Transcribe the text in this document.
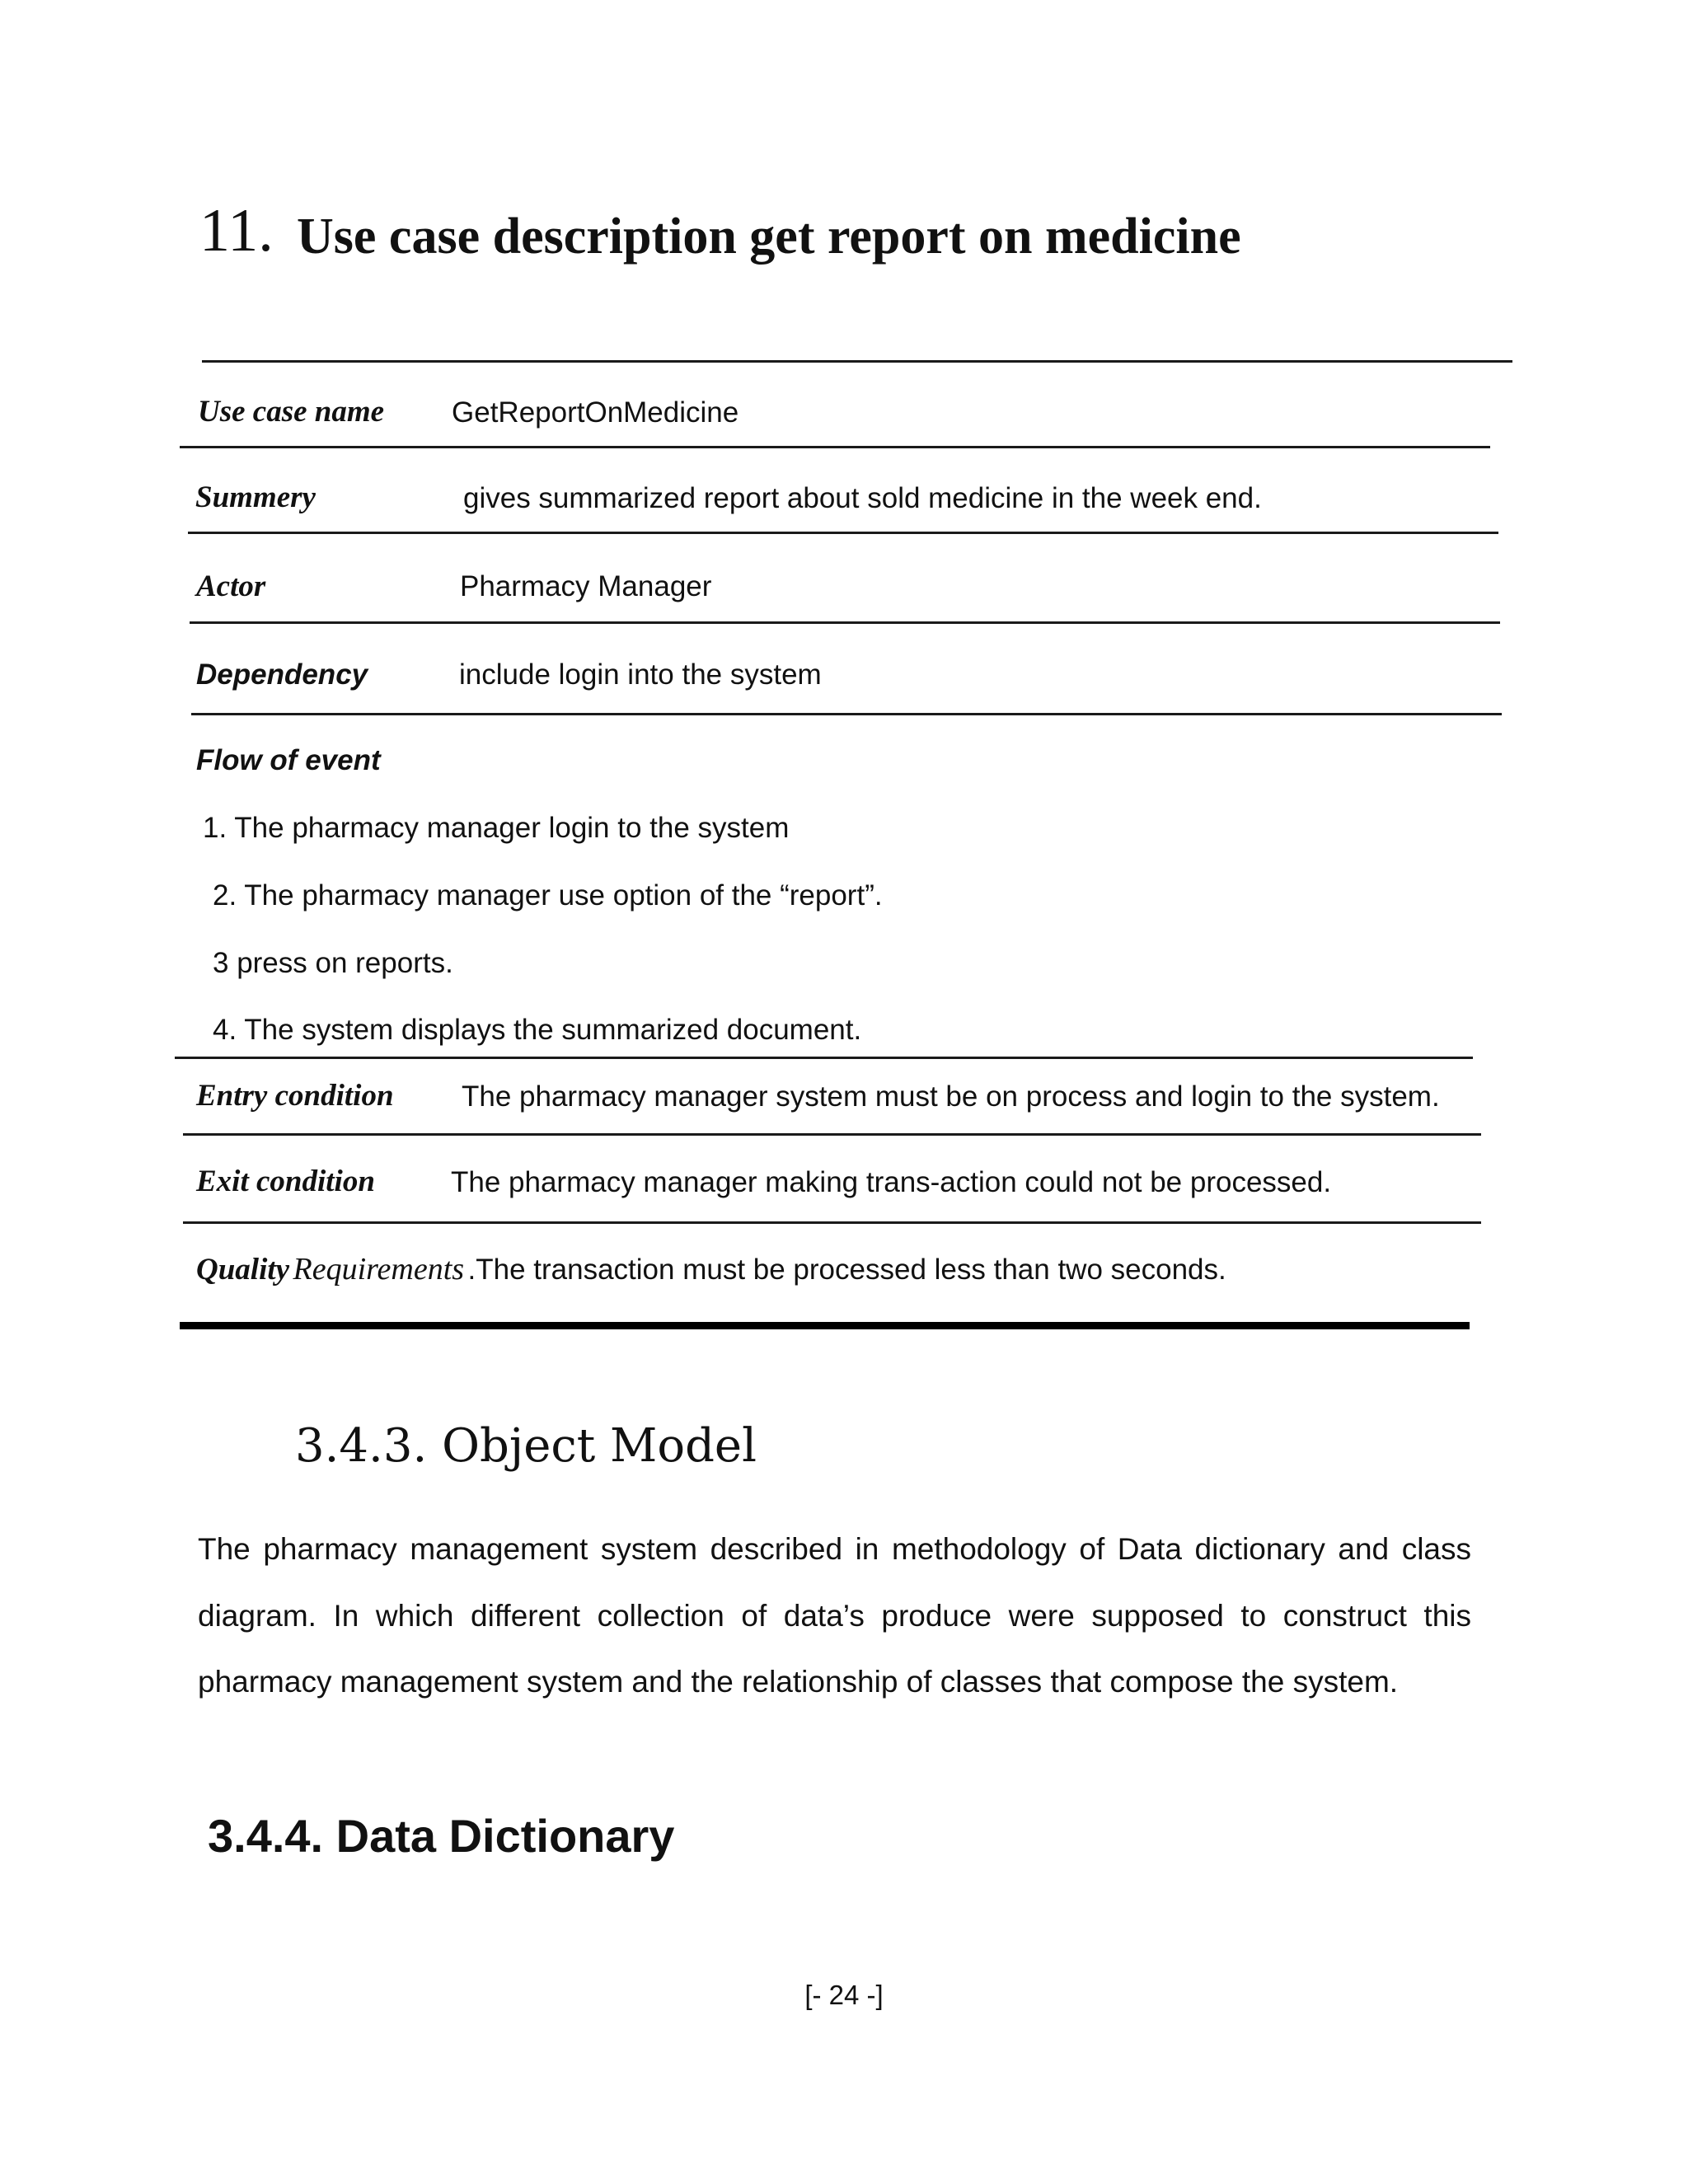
11. Use case description get report on medicine
Use case name GetReportOnMedicine
Summery	gives summarized report about sold medicine in the week end.
Actor	Pharmacy Manager
Dependency	include login into the system
Flow of event
1. The pharmacy manager login to the system
2. The pharmacy manager use option of the “report”.
3 press on reports.
4. The system displays the summarized document.
Entry condition The pharmacy manager system must be on process and login to the system.
Exit condition	The pharmacy manager making trans-action could not be processed.
Quality Requirements .The transaction must be processed less than two seconds.
3.4.3. Object Model
The pharmacy management system described in methodology of Data dictionary and class diagram. In which different collection of data’s produce were supposed to construct this pharmacy management system and the relationship of classes that compose the system.
3.4.4. Data Dictionary
[- 24 -]
